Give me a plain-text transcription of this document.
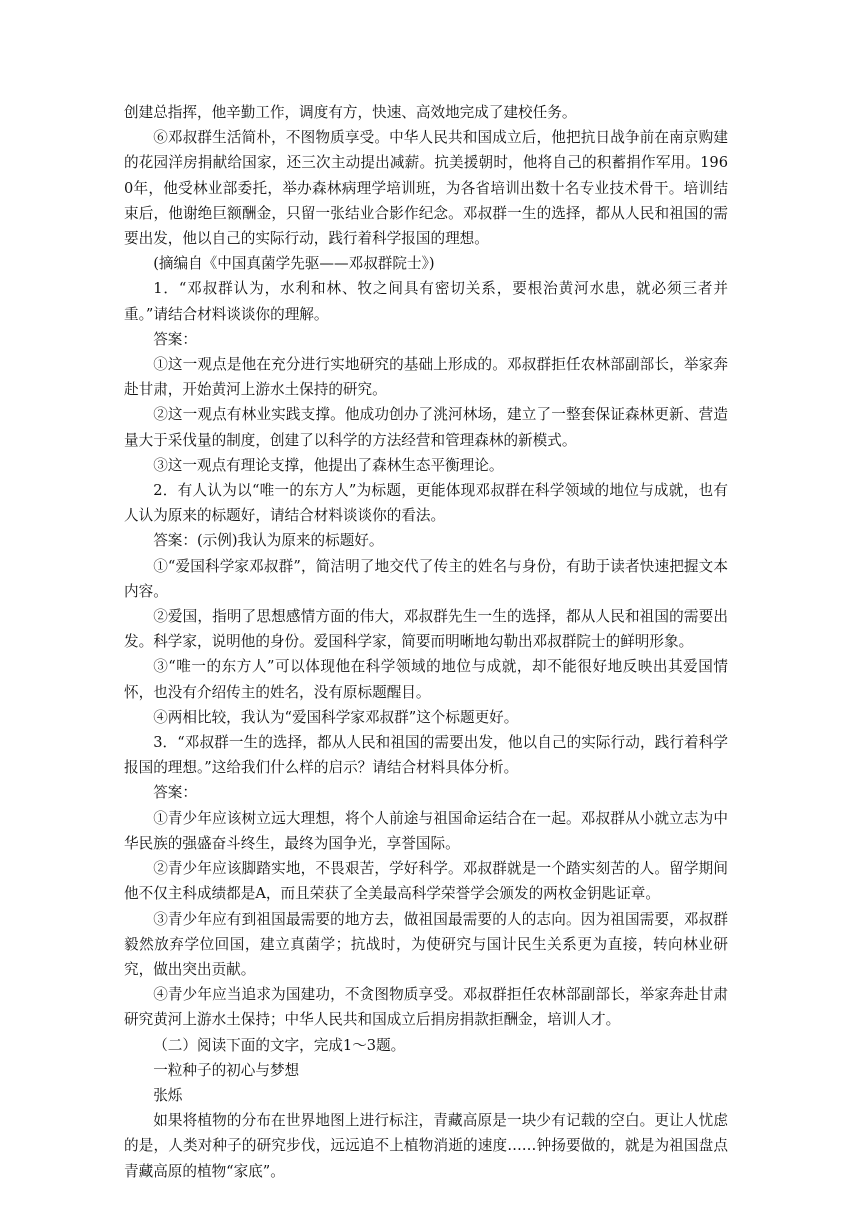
创建总指挥，他辛勤工作，调度有方，快速、高效地完成了建校任务。

⑥邓叔群生活简朴，不图物质享受。中华人民共和国成立后，他把抗日战争前在南京购建的花园洋房捐献给国家，还三次主动提出减薪。抗美援朝时，他将自己的积蓄捐作军用。1960年，他受林业部委托，举办森林病理学培训班，为各省培训出数十名专业技术骨干。培训结束后，他谢绝巨额酬金，只留一张结业合影作纪念。邓叔群一生的选择，都从人民和祖国的需要出发，他以自己的实际行动，践行着科学报国的理想。

(摘编自《中国真菌学先驱——邓叔群院士》)

1．“邓叔群认为，水利和林、牧之间具有密切关系，要根治黄河水患，就必须三者并重。”请结合材料谈谈你的理解。

答案：

①这一观点是他在充分进行实地研究的基础上形成的。邓叔群拒任农林部副部长，举家奔赴甘肃，开始黄河上游水土保持的研究。

②这一观点有林业实践支撑。他成功创办了洮河林场，建立了一整套保证森林更新、营造量大于采伐量的制度，创建了以科学的方法经营和管理森林的新模式。

③这一观点有理论支撑，他提出了森林生态平衡理论。

2．有人认为以“唯一的东方人”为标题，更能体现邓叔群在科学领域的地位与成就，也有人认为原来的标题好，请结合材料谈谈你的看法。

答案：(示例)我认为原来的标题好。

①“爱国科学家邓叔群”，简洁明了地交代了传主的姓名与身份，有助于读者快速把握文本内容。

②爱国，指明了思想感情方面的伟大，邓叔群先生一生的选择，都从人民和祖国的需要出发。科学家，说明他的身份。爱国科学家，简要而明晰地勾勒出邓叔群院士的鲜明形象。

③“唯一的东方人”可以体现他在科学领域的地位与成就，却不能很好地反映出其爱国情怀，也没有介绍传主的姓名，没有原标题醒目。

④两相比较，我认为“爱国科学家邓叔群”这个标题更好。

3．“邓叔群一生的选择，都从人民和祖国的需要出发，他以自己的实际行动，践行着科学报国的理想。”这给我们什么样的启示？请结合材料具体分析。

答案：

①青少年应该树立远大理想，将个人前途与祖国命运结合在一起。邓叔群从小就立志为中华民族的强盛奋斗终生，最终为国争光，享誉国际。

②青少年应该脚踏实地，不畏艰苦，学好科学。邓叔群就是一个踏实刻苦的人。留学期间他不仅主科成绩都是A，而且荣获了全美最高科学荣誉学会颁发的两枚金钥匙证章。

③青少年应有到祖国最需要的地方去，做祖国最需要的人的志向。因为祖国需要，邓叔群毅然放弃学位回国，建立真菌学；抗战时，为使研究与国计民生关系更为直接，转向林业研究，做出突出贡献。

④青少年应当追求为国建功，不贪图物质享受。邓叔群拒任农林部副部长，举家奔赴甘肃研究黄河上游水土保持；中华人民共和国成立后捐房捐款拒酬金，培训人才。

（二）阅读下面的文字，完成1～3题。

一粒种子的初心与梦想

张烁

如果将植物的分布在世界地图上进行标注，青藏高原是一块少有记载的空白。更让人忧虑的是，人类对种子的研究步伐，远远追不上植物消逝的速度……钟扬要做的，就是为祖国盘点青藏高原的植物“家底”。
